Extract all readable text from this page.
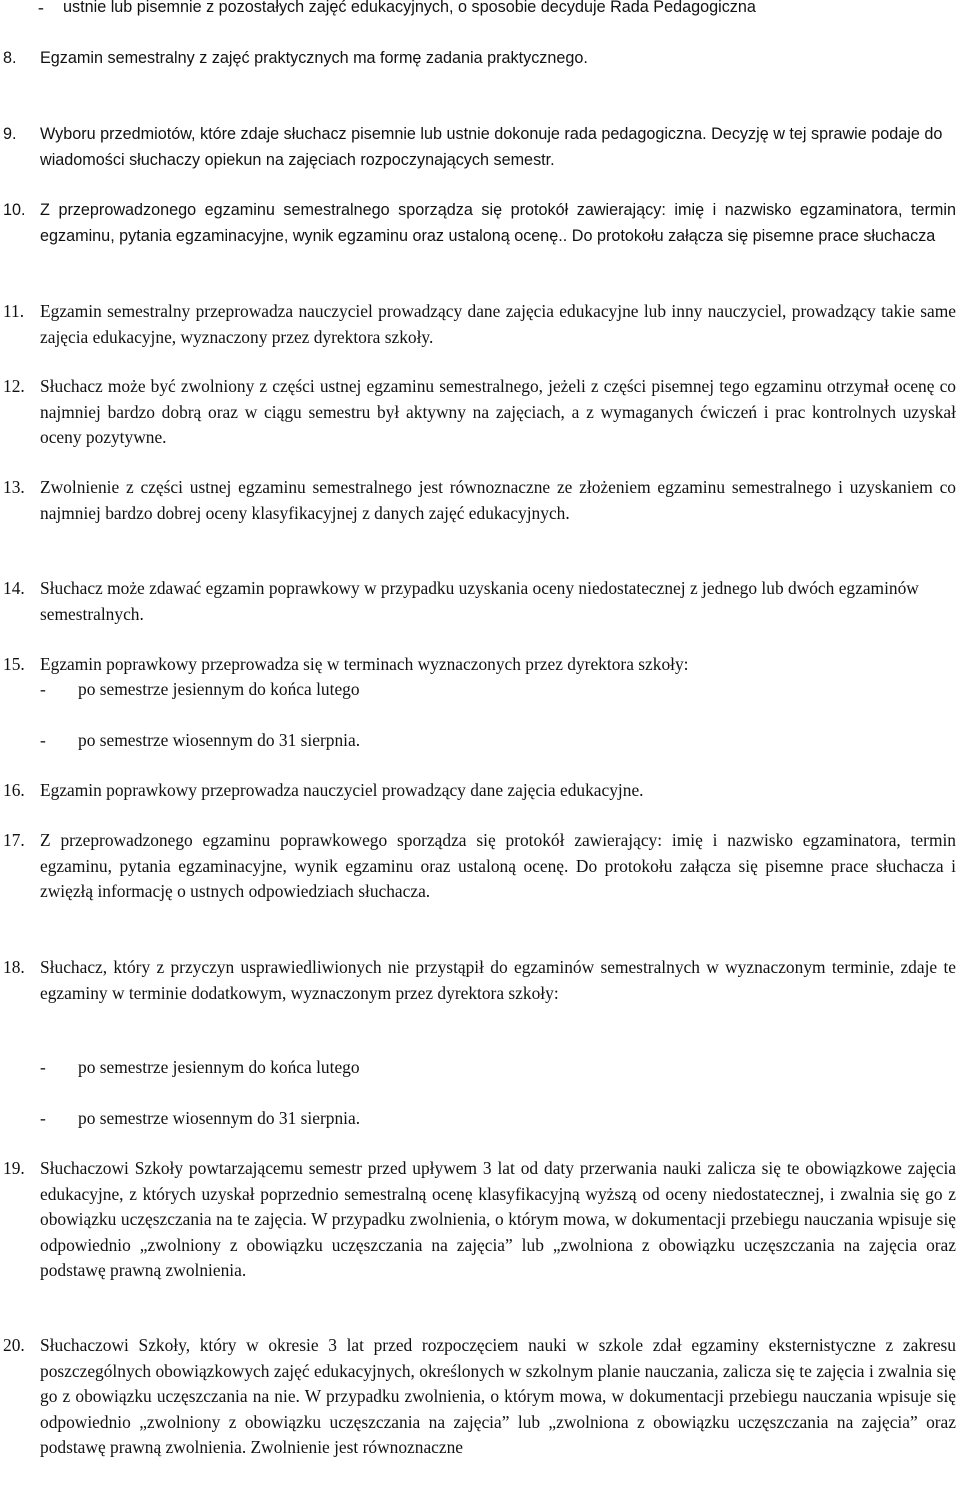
- ustnie lub pisemnie z pozostałych zajęć edukacyjnych, o sposobie decyduje Rada Pedagogiczna
8. Egzamin semestralny z zajęć praktycznych ma formę zadania praktycznego.
9. Wyboru przedmiotów, które zdaje słuchacz pisemnie lub ustnie dokonuje rada pedagogiczna. Decyzję w tej sprawie podaje do wiadomości słuchaczy opiekun na zajęciach rozpoczynających semestr.
10. Z przeprowadzonego egzaminu semestralnego sporządza się protokół zawierający: imię i nazwisko egzaminatora, termin egzaminu, pytania egzaminacyjne, wynik egzaminu oraz ustaloną ocenę.. Do protokołu załącza się pisemne prace słuchacza
11. Egzamin semestralny przeprowadza nauczyciel prowadzący dane zajęcia edukacyjne lub inny nauczyciel, prowadzący takie same zajęcia edukacyjne, wyznaczony przez dyrektora szkoły.
12. Słuchacz może być zwolniony z części ustnej egzaminu semestralnego, jeżeli z części pisemnej tego egzaminu otrzymał ocenę co najmniej bardzo dobrą oraz w ciągu semestru był aktywny na zajęciach, a z wymaganych ćwiczeń i prac kontrolnych uzyskał oceny pozytywne.
13. Zwolnienie z części ustnej egzaminu semestralnego jest równoznaczne ze złożeniem egzaminu semestralnego i uzyskaniem co najmniej bardzo dobrej oceny klasyfikacyjnej z danych zajęć edukacyjnych.
14. Słuchacz może zdawać egzamin poprawkowy w przypadku uzyskania oceny niedostatecznej z jednego lub dwóch egzaminów semestralnych.
15. Egzamin poprawkowy przeprowadza się w terminach wyznaczonych przez dyrektora szkoły:
- po semestrze jesiennym do końca lutego
- po semestrze wiosennym do 31 sierpnia.
16. Egzamin poprawkowy przeprowadza nauczyciel prowadzący dane zajęcia edukacyjne.
17. Z przeprowadzonego egzaminu poprawkowego sporządza się protokół zawierający: imię i nazwisko egzaminatora, termin egzaminu, pytania egzaminacyjne, wynik egzaminu oraz ustaloną ocenę. Do protokołu załącza się pisemne prace słuchacza i zwięzłą informację o ustnych odpowiedziach słuchacza.
18. Słuchacz, który z przyczyn usprawiedliwionych nie przystąpił do egzaminów semestralnych w wyznaczonym terminie, zdaje te egzaminy w terminie dodatkowym, wyznaczonym przez dyrektora szkoły:
- po semestrze jesiennym do końca lutego
- po semestrze wiosennym do 31 sierpnia.
19. Słuchaczowi Szkoły powtarzającemu semestr przed upływem 3 lat od daty przerwania nauki zalicza się te obowiązkowe zajęcia edukacyjne, z których uzyskał poprzednio semestralną ocenę klasyfikacyjną wyższą od oceny niedostatecznej, i zwalnia się go z obowiązku uczęszczania na te zajęcia. W przypadku zwolnienia, o którym mowa, w dokumentacji przebiegu nauczania wpisuje się odpowiednio „zwolniony z obowiązku uczęszczania na zajęcia” lub „zwolniona z obowiązku uczęszczania na zajęcia oraz podstawę prawną zwolnienia.
20. Słuchaczowi Szkoły, który w okresie 3 lat przed rozpoczęciem nauki w szkole zdał egzaminy eksternistyczne z zakresu poszczególnych obowiązkowych zajęć edukacyjnych, określonych w szkolnym planie nauczania, zalicza się te zajęcia i zwalnia się go z obowiązku uczęszczania na nie. W przypadku zwolnienia, o którym mowa, w dokumentacji przebiegu nauczania wpisuje się odpowiednio „zwolniony z obowiązku uczęszczania na zajęcia” lub „zwolniona z obowiązku uczęszczania na zajęcia” oraz podstawę prawną zwolnienia. Zwolnienie jest równoznaczne
